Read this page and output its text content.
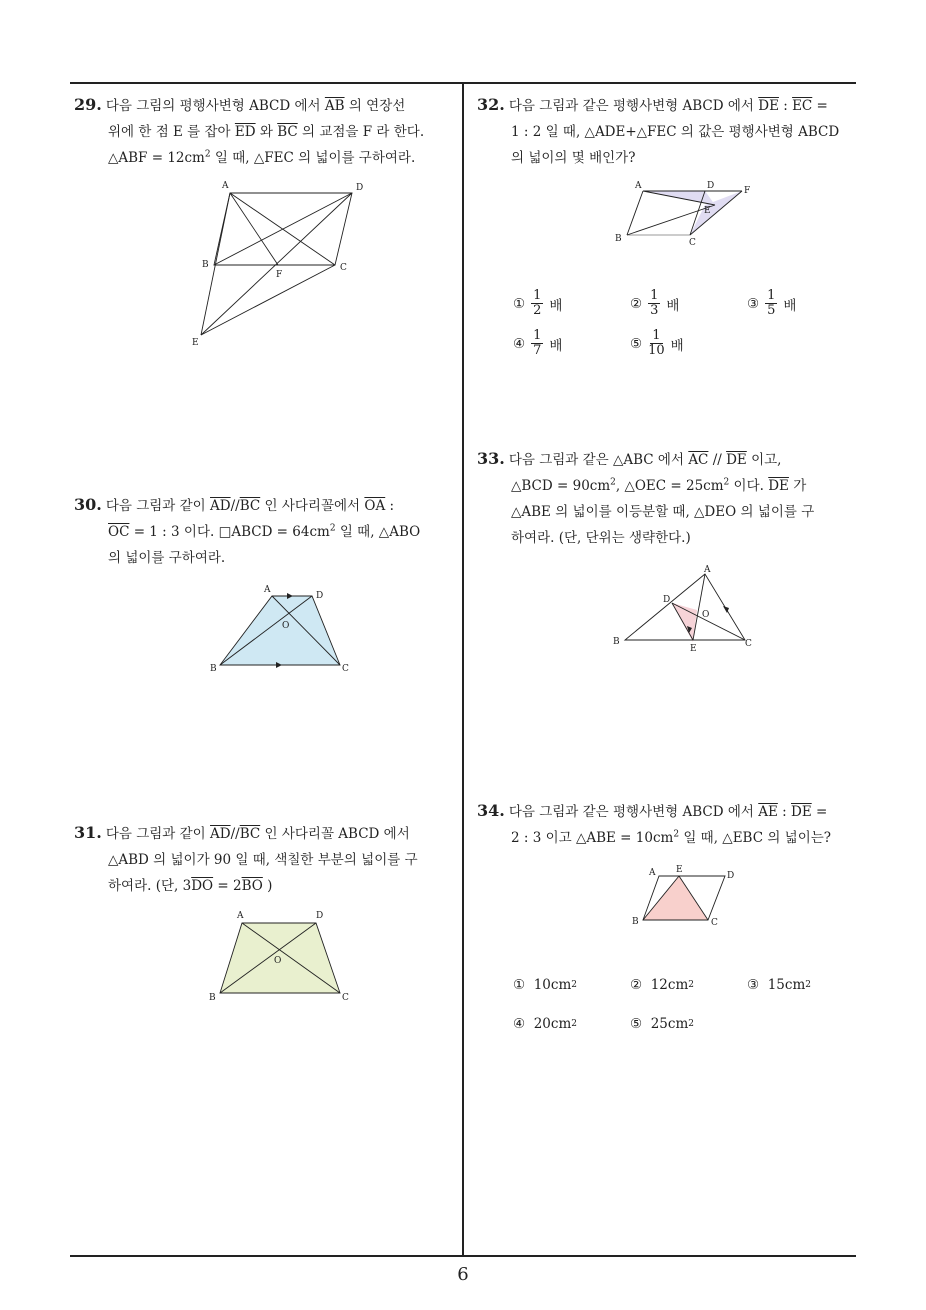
29. 다음 그림의 평행사변형 ABCD 에서 $\overline{AB}$ 의 연장선
위에 한 점 E 를 잡아 $\overline{ED}$ 와 $\overline{BC}$ 의 교점을 F 라 한다.
△ABF = $12cm^2$ 일 때, △FEC 의 넓이를 구하여라.
A	D
B	C
F
E
30. 다음 그림과 같이 $\overline{AD}//\overline{BC}$ 인 사다리꼴에서 $\overline{OA}$ :
$\overline{OC} = 1$ : 3 이다. □ABCD = $64cm^2$ 일 때, △ABO
의 넓이를 구하여라.
A
D
B	C
O
31. 다음 그림과 같이 $\overline{AD}//\overline{BC}$ 인 사다리꼴 ABCD 에서
△ABD 의 넓이가 90 일 때, 색칠한 부분의 넓이를 구
하여라. (단, $3\overline{DO} = 2\overline{BO}$ )
A	D
B	C
O
32. 다음 그림과 같은 평행사변형 ABCD 에서 $\overline{DE}$ : $\overline{EC}$ =
1 : 2 일 때, △ADE+△FEC 의 값은 평행사변형 ABCD
의 넓이의 몇 배인가?
A	D	F
E
B	C
① $\frac{1}{2}$ 배	② $\frac{1}{3}$ 배	③ $\frac{1}{5}$ 배
④ $\frac{1}{7}$ 배	⑤ $\frac{1}{10}$ 배
33. 다음 그림과 같은 △ABC 에서 $\overline{AC} // \overline{DE}$ 이고,
△BCD = $90cm^2$, △OEC = $25cm^2$ 이다. $\overline{DE}$ 가
△ABE 의 넓이를 이등분할 때, △DEO 의 넓이를 구
하여라. (단, 단위는 생략한다.)
A
D
O
B	C
E
34. 다음 그림과 같은 평행사변형 ABCD 에서 $\overline{AE}$ : $\overline{DE}$ =
2 : 3 이고 △ABE = $10cm^2$ 일 때, △EBC 의 넓이는?
A E
D
B	C
①
10cm 2	②
12cm 2	③
15cm 2
④
20cm 2	⑤
25cm 2
6
